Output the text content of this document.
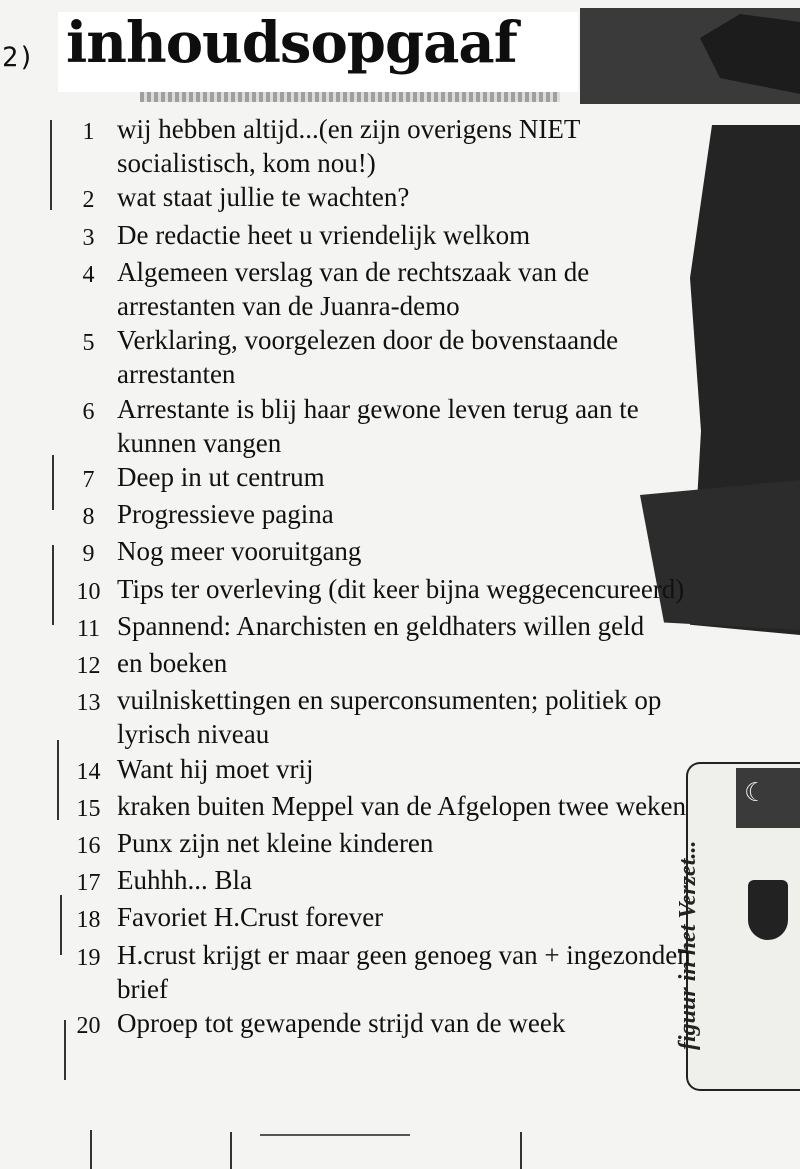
☾
figuur in het Verzet...
2) inhoudsopgaaf
1 wij hebben altijd...(en zijn overigens NIET socialistisch, kom nou!)
2 wat staat jullie te wachten?
3 De redactie heet u vriendelijk welkom
4 Algemeen verslag van de rechtszaak van de arrestanten van de Juanra-demo
5 Verklaring, voorgelezen door de bovenstaande arrestanten
6 Arrestante is blij haar gewone leven terug aan te kunnen vangen
7 Deep in ut centrum
8 Progressieve pagina
9 Nog meer vooruitgang
10 Tips ter overleving (dit keer bijna weggecencureerd)
11 Spannend: Anarchisten en geldhaters willen geld
12 en boeken
13 vuilniskettingen en superconsumenten; politiek op lyrisch niveau
14 Want hij moet vrij
15 kraken buiten Meppel van de Afgelopen twee weken
16 Punx zijn net kleine kinderen
17 Euhhh... Bla
18 Favoriet H.Crust forever
19 H.crust krijgt er maar geen genoeg van + ingezonden brief
20 Oproep tot gewapende strijd van de week
